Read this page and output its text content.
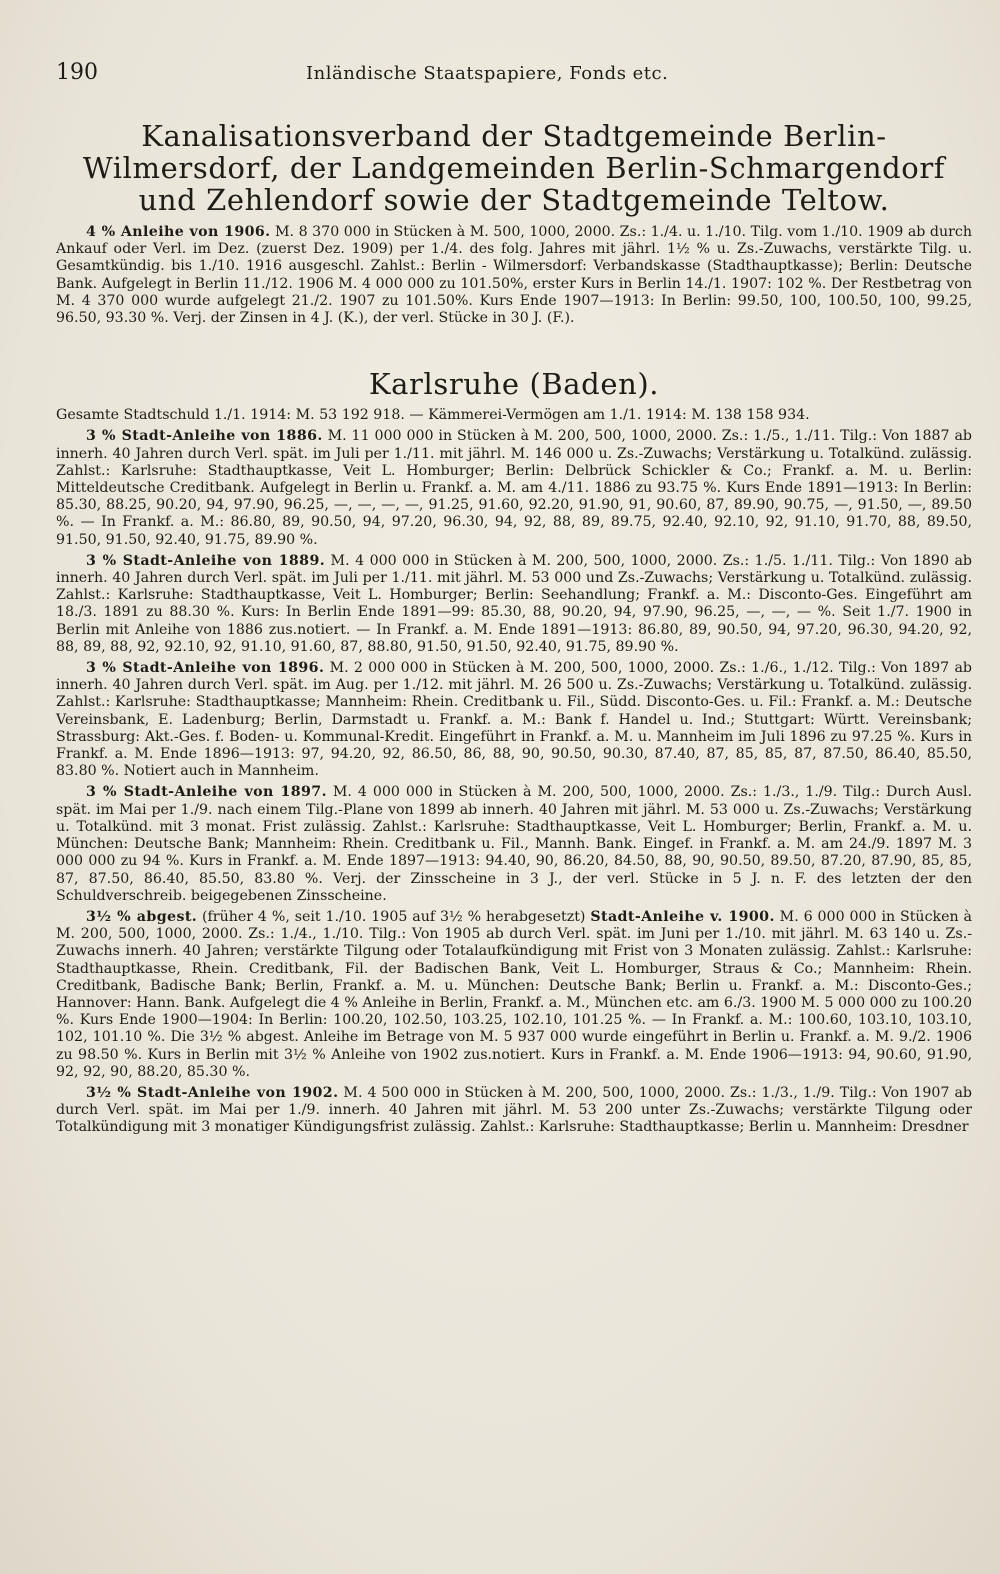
190	Inländische Staatspapiere, Fonds etc.
Kanalisationsverband der Stadtgemeinde Berlin-Wilmersdorf, der Landgemeinden Berlin-Schmargendorf und Zehlendorf sowie der Stadtgemeinde Teltow.

4 % Anleihe von 1906. M. 8 370 000 in Stücken à M. 500, 1000, 2000. Zs.: 1./4. u. 1./10. Tilg. vom 1./10. 1909 ab durch Ankauf oder Verl. im Dez. (zuerst Dez. 1909) per 1./4. des folg. Jahres mit jährl. 1½ % u. Zs.-Zuwachs, verstärkte Tilg. u. Gesamtkündig. bis 1./10. 1916 ausgeschl. Zahlst.: Berlin - Wilmersdorf: Verbandskasse (Stadthauptkasse); Berlin: Deutsche Bank. Aufgelegt in Berlin 11./12. 1906 M. 4 000 000 zu 101.50%, erster Kurs in Berlin 14./1. 1907: 102 %. Der Restbetrag von M. 4 370 000 wurde aufgelegt 21./2. 1907 zu 101.50%. Kurs Ende 1907—1913: In Berlin: 99.50, 100, 100.50, 100, 99.25, 96.50, 93.30 %. Verj. der Zinsen in 4 J. (K.), der verl. Stücke in 30 J. (F.).

Karlsruhe (Baden).

Gesamte Stadtschuld 1./1. 1914: M. 53 192 918. — Kämmerei-Vermögen am 1./1. 1914: M. 138 158 934.

3 % Stadt-Anleihe von 1886. M. 11 000 000 in Stücken à M. 200, 500, 1000, 2000. Zs.: 1./5., 1./11. Tilg.: Von 1887 ab innerh. 40 Jahren durch Verl. spät. im Juli per 1./11. mit jährl. M. 146 000 u. Zs.-Zuwachs; Verstärkung u. Totalkünd. zulässig. Zahlst.: Karlsruhe: Stadthauptkasse, Veit L. Homburger; Berlin: Delbrück Schickler & Co.; Frankf. a. M. u. Berlin: Mitteldeutsche Creditbank. Aufgelegt in Berlin u. Frankf. a. M. am 4./11. 1886 zu 93.75 %. Kurs Ende 1891—1913: In Berlin: 85.30, 88.25, 90.20, 94, 97.90, 96.25, —, —, —, —, 91.25, 91.60, 92.20, 91.90, 91, 90.60, 87, 89.90, 90.75, —, 91.50, —, 89.50 %. — In Frankf. a. M.: 86.80, 89, 90.50, 94, 97.20, 96.30, 94, 92, 88, 89, 89.75, 92.40, 92.10, 92, 91.10, 91.70, 88, 89.50, 91.50, 91.50, 92.40, 91.75, 89.90 %.

3 % Stadt-Anleihe von 1889. M. 4 000 000 in Stücken à M. 200, 500, 1000, 2000. Zs.: 1./5. 1./11. Tilg.: Von 1890 ab innerh. 40 Jahren durch Verl. spät. im Juli per 1./11. mit jährl. M. 53 000 und Zs.-Zuwachs; Verstärkung u. Totalkünd. zulässig. Zahlst.: Karlsruhe: Stadthauptkasse, Veit L. Homburger; Berlin: Seehandlung; Frankf. a. M.: Disconto-Ges. Eingeführt am 18./3. 1891 zu 88.30 %. Kurs: In Berlin Ende 1891—99: 85.30, 88, 90.20, 94, 97.90, 96.25, —, —, — %. Seit 1./7. 1900 in Berlin mit Anleihe von 1886 zus.notiert. — In Frankf. a. M. Ende 1891—1913: 86.80, 89, 90.50, 94, 97.20, 96.30, 94.20, 92, 88, 89, 88, 92, 92.10, 92, 91.10, 91.60, 87, 88.80, 91.50, 91.50, 92.40, 91.75, 89.90 %.

3 % Stadt-Anleihe von 1896. M. 2 000 000 in Stücken à M. 200, 500, 1000, 2000. Zs.: 1./6., 1./12. Tilg.: Von 1897 ab innerh. 40 Jahren durch Verl. spät. im Aug. per 1./12. mit jährl. M. 26 500 u. Zs.-Zuwachs; Verstärkung u. Totalkünd. zulässig. Zahlst.: Karlsruhe: Stadthauptkasse; Mannheim: Rhein. Creditbank u. Fil., Südd. Disconto-Ges. u. Fil.: Frankf. a. M.: Deutsche Vereinsbank, E. Ladenburg; Berlin, Darmstadt u. Frankf. a. M.: Bank f. Handel u. Ind.; Stuttgart: Württ. Vereinsbank; Strassburg: Akt.-Ges. f. Boden- u. Kommunal-Kredit. Eingeführt in Frankf. a. M. u. Mannheim im Juli 1896 zu 97.25 %. Kurs in Frankf. a. M. Ende 1896—1913: 97, 94.20, 92, 86.50, 86, 88, 90, 90.50, 90.30, 87.40, 87, 85, 85, 87, 87.50, 86.40, 85.50, 83.80 %. Notiert auch in Mannheim.

3 % Stadt-Anleihe von 1897. M. 4 000 000 in Stücken à M. 200, 500, 1000, 2000. Zs.: 1./3., 1./9. Tilg.: Durch Ausl. spät. im Mai per 1./9. nach einem Tilg.-Plane von 1899 ab innerh. 40 Jahren mit jährl. M. 53 000 u. Zs.-Zuwachs; Verstärkung u. Totalkünd. mit 3 monat. Frist zulässig. Zahlst.: Karlsruhe: Stadthauptkasse, Veit L. Homburger; Berlin, Frankf. a. M. u. München: Deutsche Bank; Mannheim: Rhein. Creditbank u. Fil., Mannh. Bank. Eingef. in Frankf. a. M. am 24./9. 1897 M. 3 000 000 zu 94 %. Kurs in Frankf. a. M. Ende 1897—1913: 94.40, 90, 86.20, 84.50, 88, 90, 90.50, 89.50, 87.20, 87.90, 85, 85, 87, 87.50, 86.40, 85.50, 83.80 %. Verj. der Zinsscheine in 3 J., der verl. Stücke in 5 J. n. F. des letzten der den Schuldverschreib. beigegebenen Zinsscheine.

3½ % abgest. (früher 4 %, seit 1./10. 1905 auf 3½ % herabgesetzt) Stadt-Anleihe v. 1900. M. 6 000 000 in Stücken à M. 200, 500, 1000, 2000. Zs.: 1./4., 1./10. Tilg.: Von 1905 ab durch Verl. spät. im Juni per 1./10. mit jährl. M. 63 140 u. Zs.-Zuwachs innerh. 40 Jahren; verstärkte Tilgung oder Totalaufkündigung mit Frist von 3 Monaten zulässig. Zahlst.: Karlsruhe: Stadthauptkasse, Rhein. Creditbank, Fil. der Badischen Bank, Veit L. Homburger, Straus & Co.; Mannheim: Rhein. Creditbank, Badische Bank; Berlin, Frankf. a. M. u. München: Deutsche Bank; Berlin u. Frankf. a. M.: Disconto-Ges.; Hannover: Hann. Bank. Aufgelegt die 4 % Anleihe in Berlin, Frankf. a. M., München etc. am 6./3. 1900 M. 5 000 000 zu 100.20 %. Kurs Ende 1900—1904: In Berlin: 100.20, 102.50, 103.25, 102.10, 101.25 %. — In Frankf. a. M.: 100.60, 103.10, 103.10, 102, 101.10 %. Die 3½ % abgest. Anleihe im Betrage von M. 5 937 000 wurde eingeführt in Berlin u. Frankf. a. M. 9./2. 1906 zu 98.50 %. Kurs in Berlin mit 3½ % Anleihe von 1902 zus.notiert. Kurs in Frankf. a. M. Ende 1906—1913: 94, 90.60, 91.90, 92, 92, 90, 88.20, 85.30 %.

3½ % Stadt-Anleihe von 1902. M. 4 500 000 in Stücken à M. 200, 500, 1000, 2000. Zs.: 1./3., 1./9. Tilg.: Von 1907 ab durch Verl. spät. im Mai per 1./9. innerh. 40 Jahren mit jährl. M. 53 200 unter Zs.-Zuwachs; verstärkte Tilgung oder Totalkündigung mit 3 monatiger Kündigungsfrist zulässig. Zahlst.: Karlsruhe: Stadthauptkasse; Berlin u. Mannheim: Dresdner
